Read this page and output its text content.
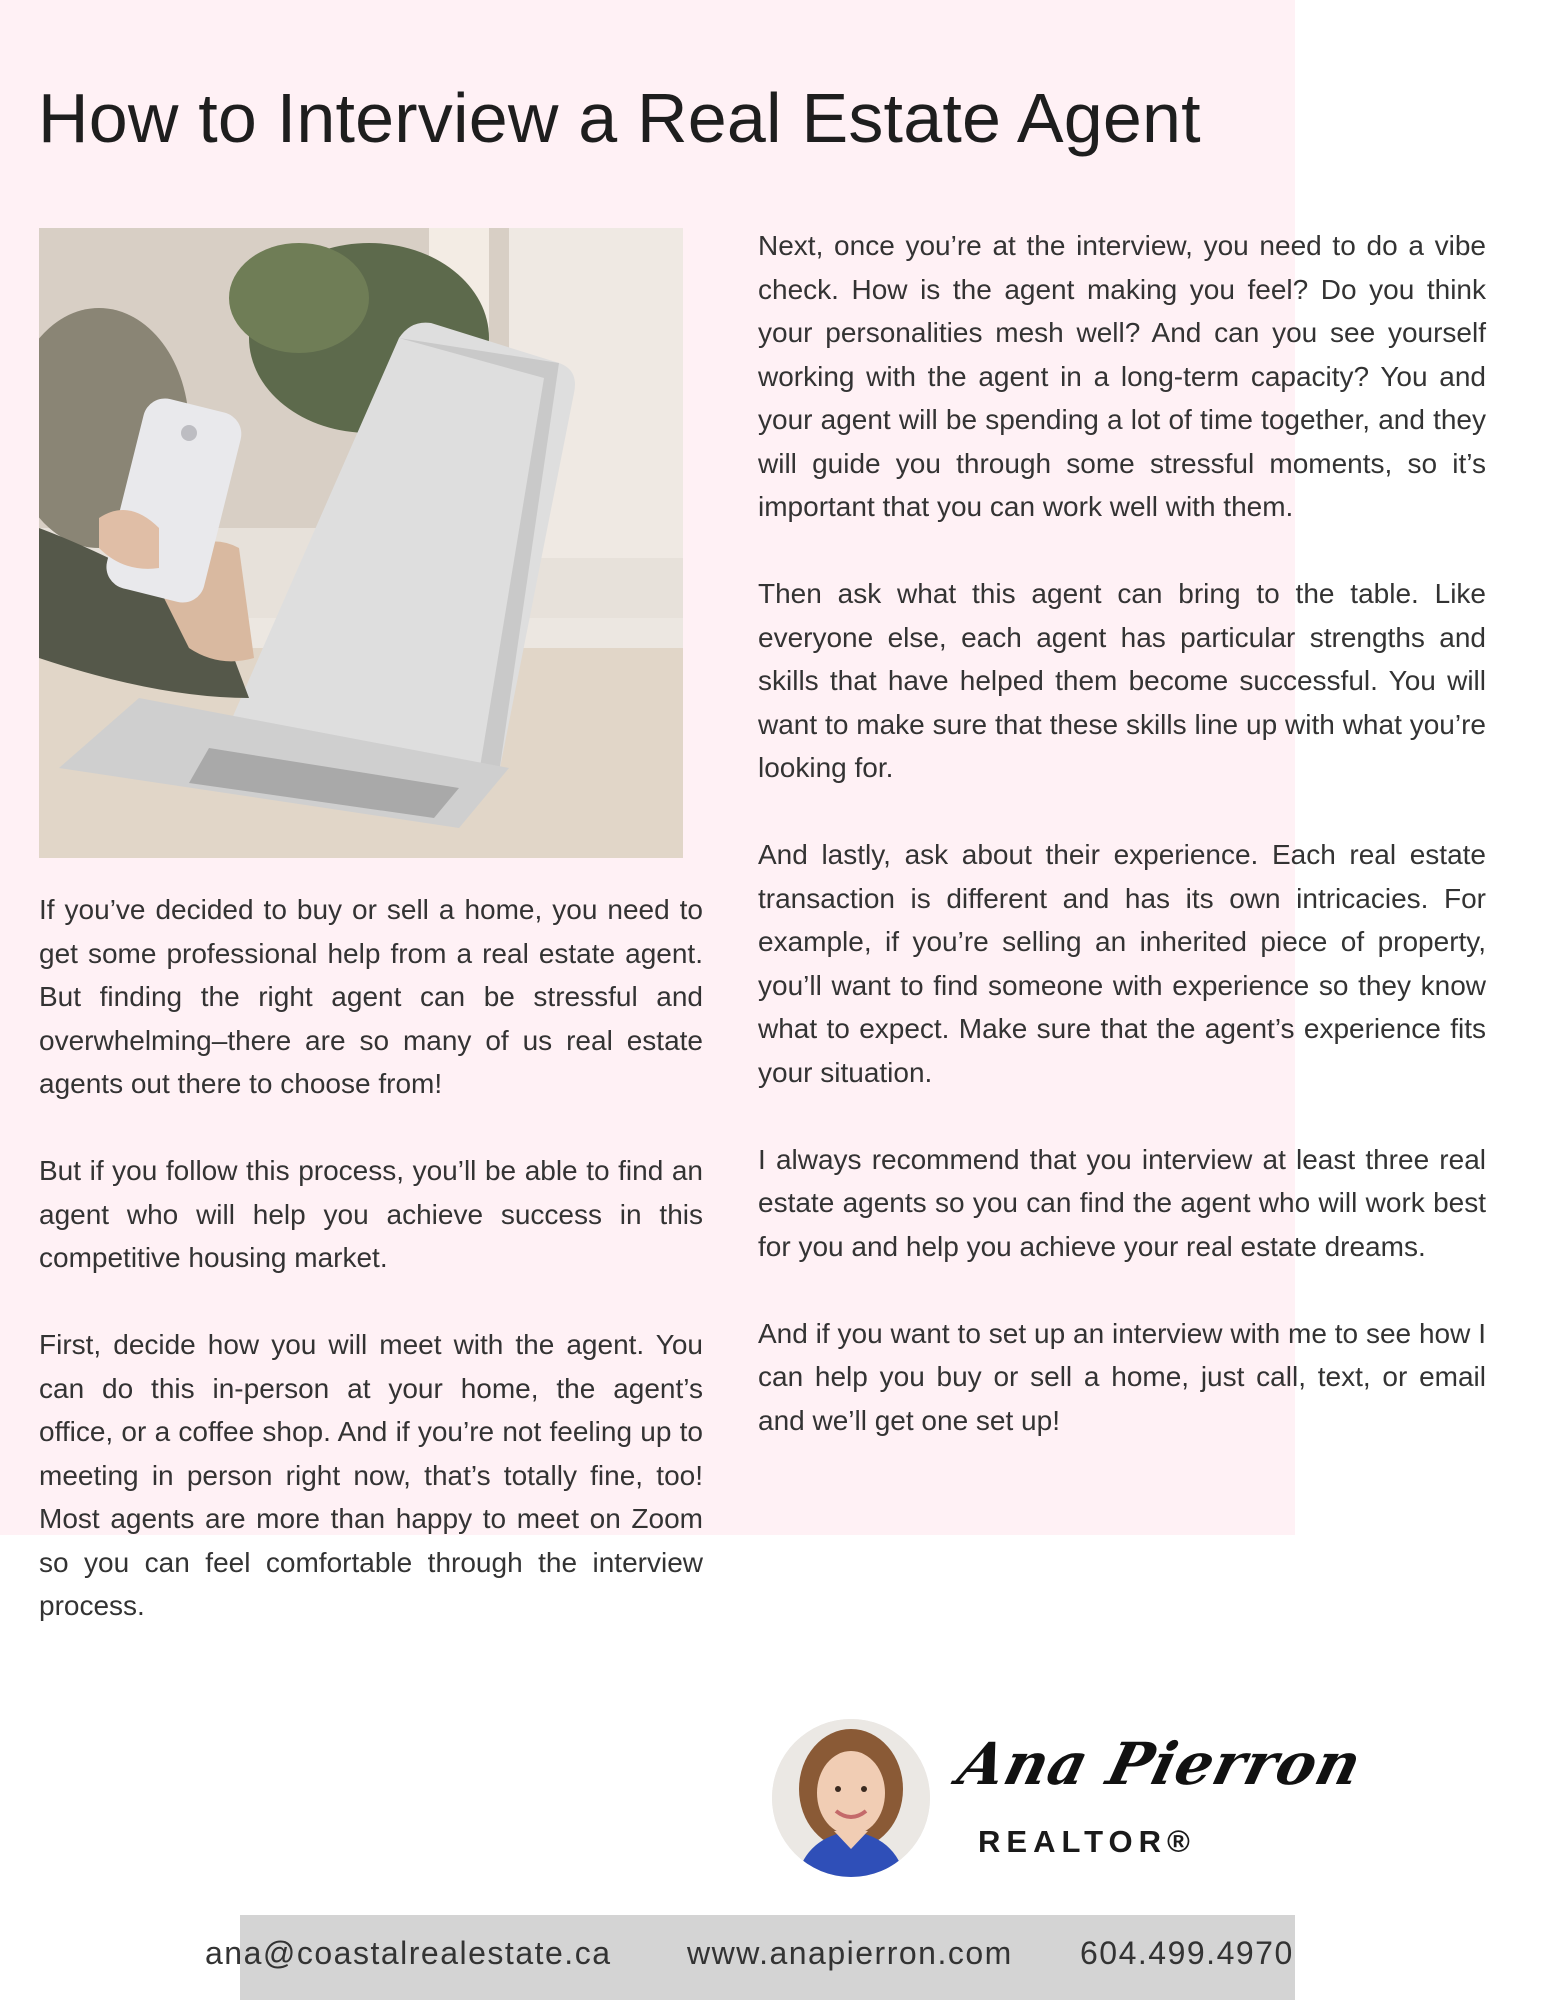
How to Interview a Real Estate Agent

If you’ve decided to buy or sell a home, you need to get some professional help from a real estate agent. But finding the right agent can be stressful and overwhelming–there are so many of us real estate agents out there to choose from!

But if you follow this process, you’ll be able to find an agent who will help you achieve success in this competitive housing market.

First, decide how you will meet with the agent. You can do this in-person at your home, the agent’s office, or a coffee shop. And if you’re not feeling up to meeting in person right now, that’s totally fine, too! Most agents are more than happy to meet on Zoom so you can feel comfortable through the interview process.

Next, once you’re at the interview, you need to do a vibe check. How is the agent making you feel? Do you think your personalities mesh well? And can you see yourself working with the agent in a long-term capacity? You and your agent will be spending a lot of time together, and they will guide you through some stressful moments, so it’s important that you can work well with them.

Then ask what this agent can bring to the table. Like everyone else, each agent has particular strengths and skills that have helped them become successful. You will want to make sure that these skills line up with what you’re looking for.

And lastly, ask about their experience. Each real estate transaction is different and has its own intricacies. For example, if you’re selling an inherited piece of property, you’ll want to find someone with experience so they know what to expect. Make sure that the agent’s experience fits your situation.

I always recommend that you interview at least three real estate agents so you can find the agent who will work best for you and help you achieve your real estate dreams.

And if you want to set up an interview with me to see how I can help you buy or sell a home, just call, text, or email and we’ll get one set up!

Ana Pierron
REALTOR®
ana@coastalrealestate.ca www.anapierron.com 604.499.4970
